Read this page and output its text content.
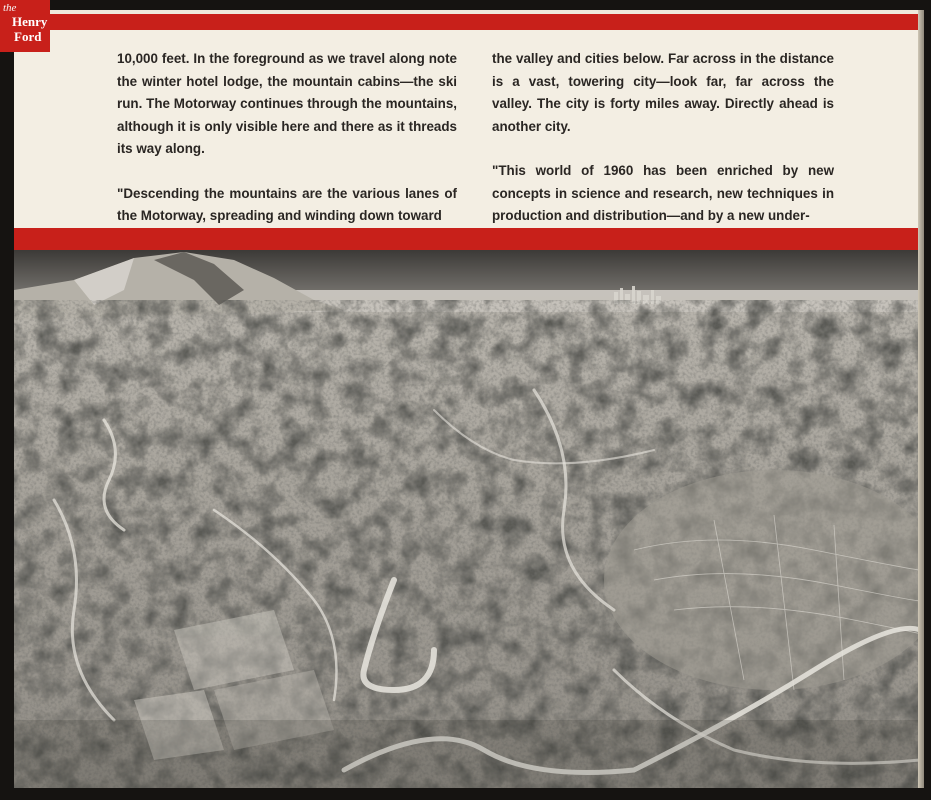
10,000 feet. In the foreground as we travel along note the winter hotel lodge, the mountain cabins—the ski run. The Motorway continues through the mountains, although it is only visible here and there as it threads its way along.

"Descending the mountains are the various lanes of the Motorway, spreading and winding down toward

the valley and cities below. Far across in the distance is a vast, towering city—look far, far across the valley. The city is forty miles away. Directly ahead is another city.

"This world of 1960 has been enriched by new concepts in science and research, new techniques in production and distribution—and by a new under-

the
Henry
Ford
